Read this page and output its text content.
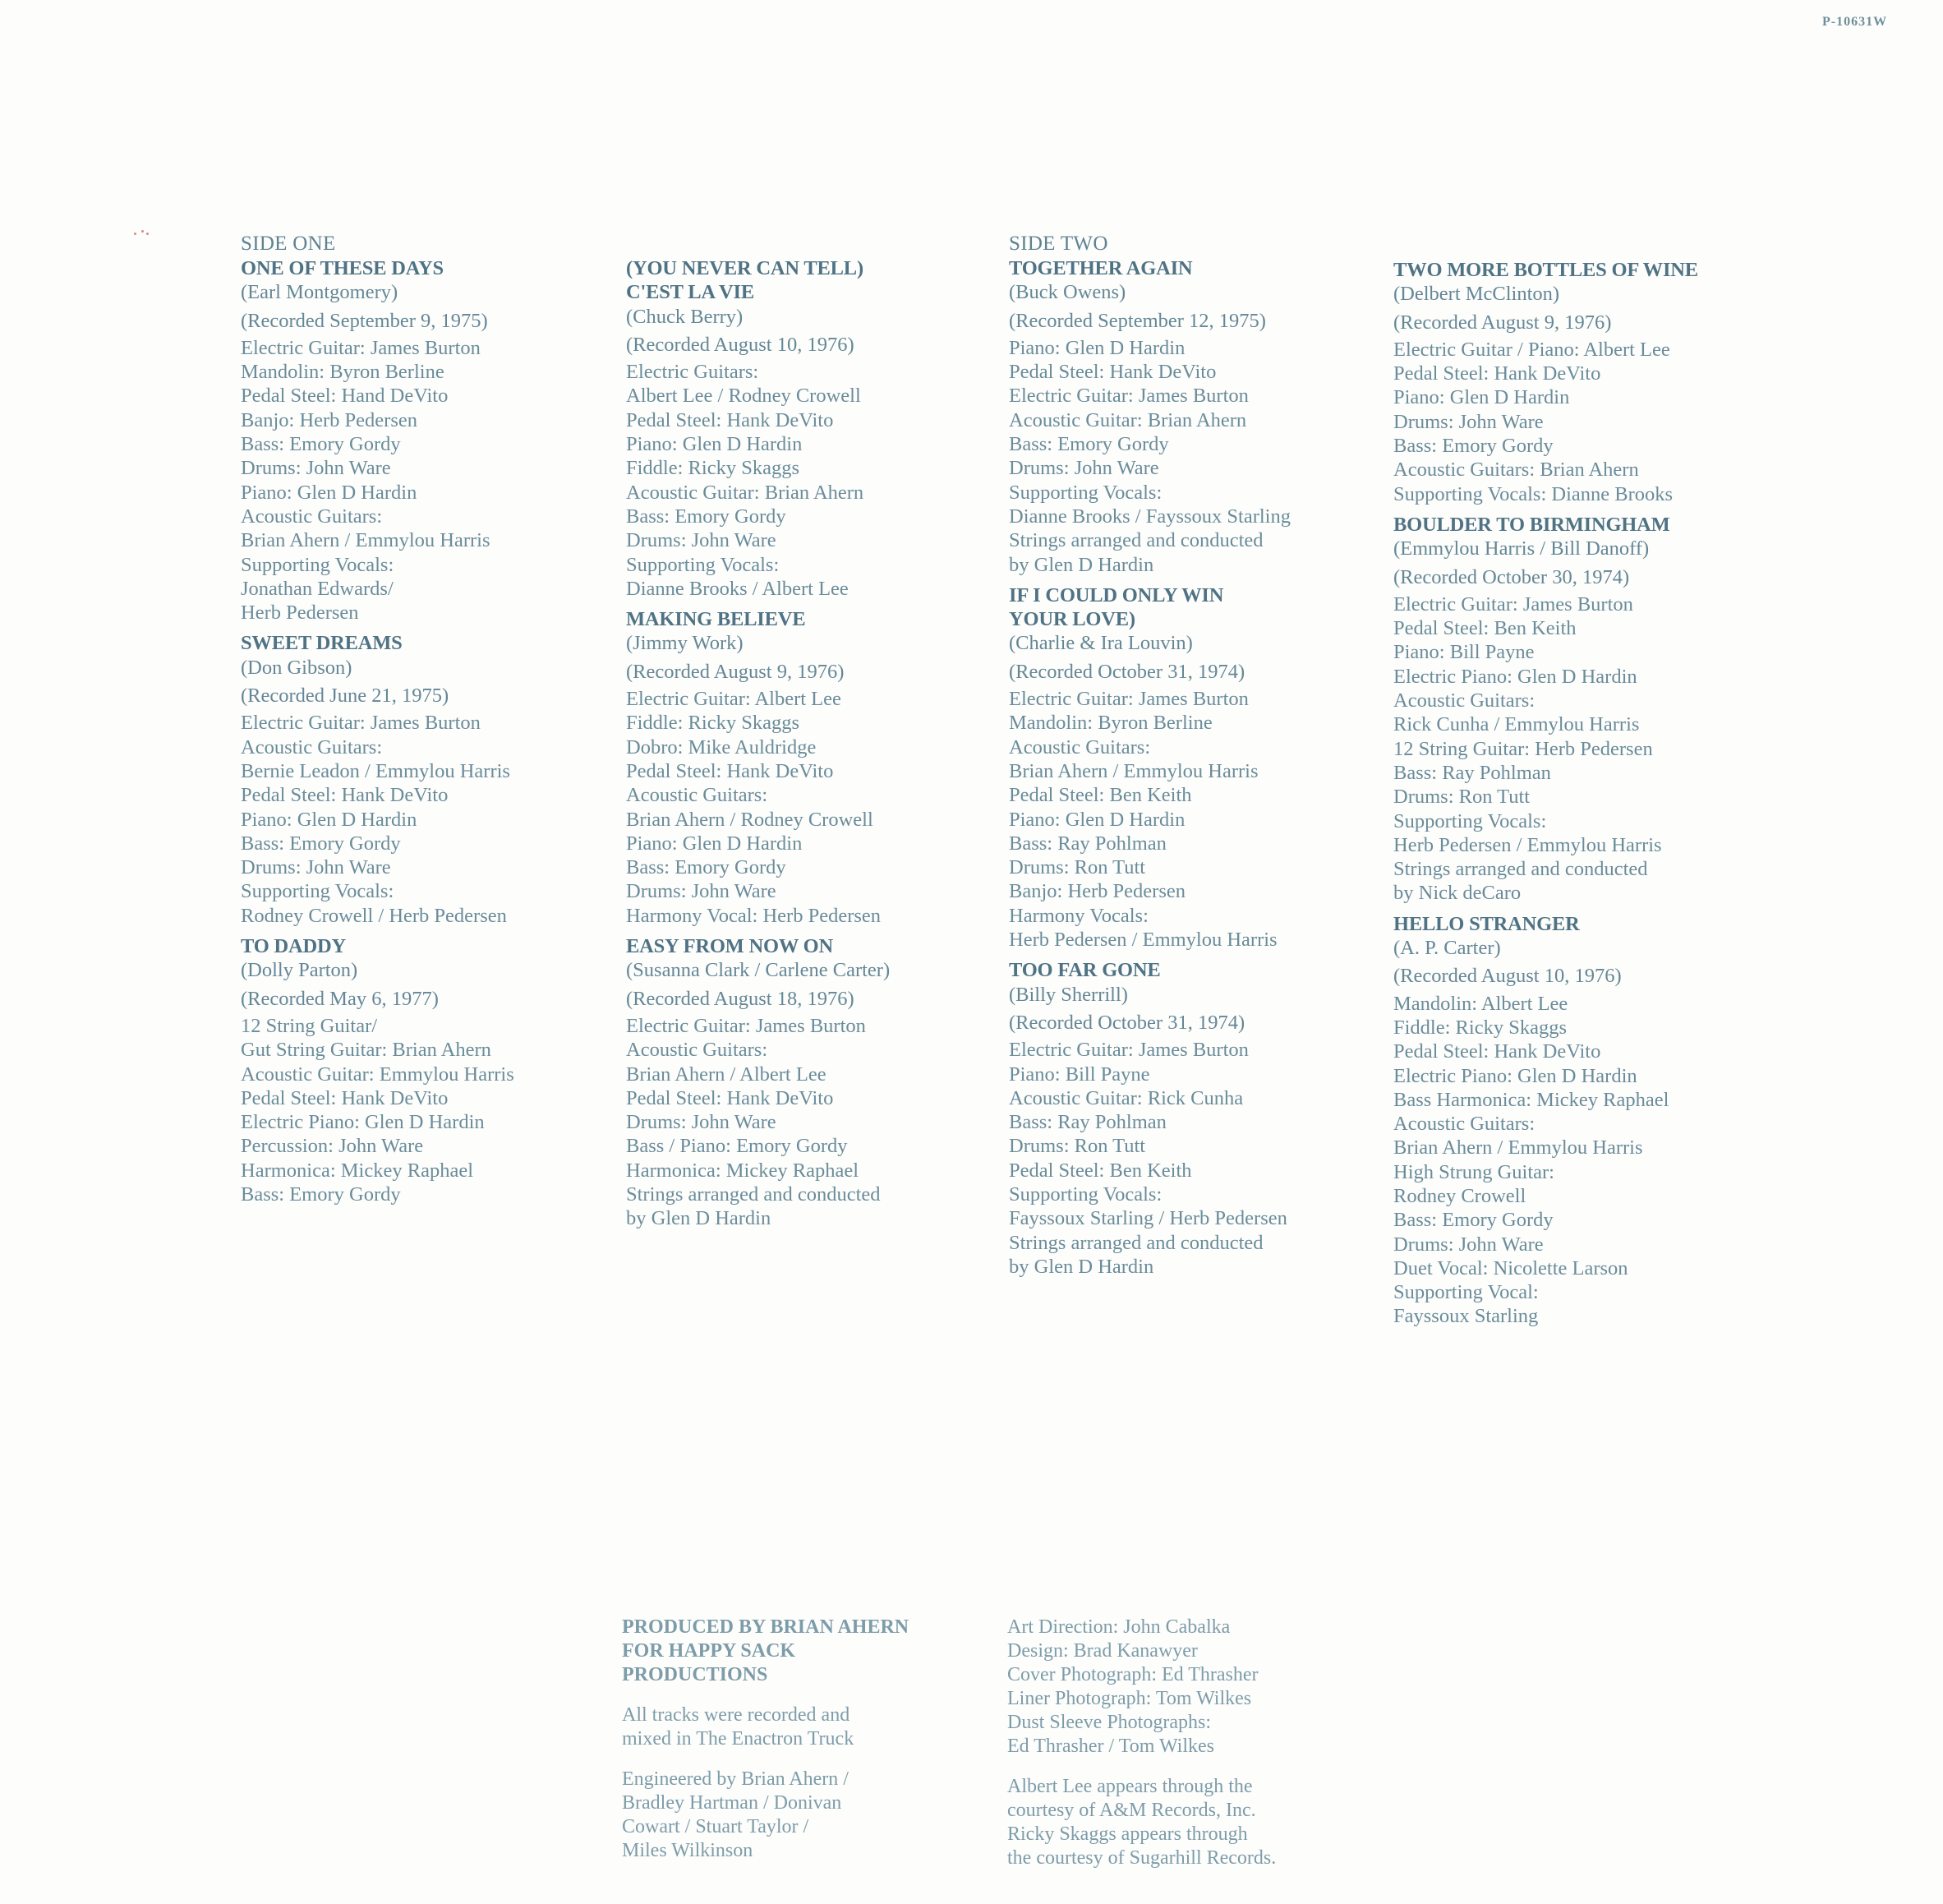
P-10631W
SIDE ONE
ONE OF THESE DAYS
(Earl Montgomery)
(Recorded September 9, 1975)
Electric Guitar: James Burton
Mandolin: Byron Berline
Pedal Steel: Hand DeVito
Banjo: Herb Pedersen
Bass: Emory Gordy
Drums: John Ware
Piano: Glen D Hardin
Acoustic Guitars:
Brian Ahern / Emmylou Harris
Supporting Vocals:
Jonathan Edwards/
Herb Pedersen
SWEET DREAMS
(Don Gibson)
(Recorded June 21, 1975)
Electric Guitar: James Burton
Acoustic Guitars:
Bernie Leadon / Emmylou Harris
Pedal Steel: Hank DeVito
Piano: Glen D Hardin
Bass: Emory Gordy
Drums: John Ware
Supporting Vocals:
Rodney Crowell / Herb Pedersen
TO DADDY
(Dolly Parton)
(Recorded May 6, 1977)
12 String Guitar/
Gut String Guitar: Brian Ahern
Acoustic Guitar: Emmylou Harris
Pedal Steel: Hank DeVito
Electric Piano: Glen D Hardin
Percussion: John Ware
Harmonica: Mickey Raphael
Bass: Emory Gordy
(YOU NEVER CAN TELL)
C'EST LA VIE
(Chuck Berry)
(Recorded August 10, 1976)
Electric Guitars:
Albert Lee / Rodney Crowell
Pedal Steel: Hank DeVito
Piano: Glen D Hardin
Fiddle: Ricky Skaggs
Acoustic Guitar: Brian Ahern
Bass: Emory Gordy
Drums: John Ware
Supporting Vocals:
Dianne Brooks / Albert Lee
MAKING BELIEVE
(Jimmy Work)
(Recorded August 9, 1976)
Electric Guitar: Albert Lee
Fiddle: Ricky Skaggs
Dobro: Mike Auldridge
Pedal Steel: Hank DeVito
Acoustic Guitars:
Brian Ahern / Rodney Crowell
Piano: Glen D Hardin
Bass: Emory Gordy
Drums: John Ware
Harmony Vocal: Herb Pedersen
EASY FROM NOW ON
(Susanna Clark / Carlene Carter)
(Recorded August 18, 1976)
Electric Guitar: James Burton
Acoustic Guitars:
Brian Ahern / Albert Lee
Pedal Steel: Hank DeVito
Drums: John Ware
Bass / Piano: Emory Gordy
Harmonica: Mickey Raphael
Strings arranged and conducted
by Glen D Hardin
SIDE TWO
TOGETHER AGAIN
(Buck Owens)
(Recorded September 12, 1975)
Piano: Glen D Hardin
Pedal Steel: Hank DeVito
Electric Guitar: James Burton
Acoustic Guitar: Brian Ahern
Bass: Emory Gordy
Drums: John Ware
Supporting Vocals:
Dianne Brooks / Fayssoux Starling
Strings arranged and conducted
by Glen D Hardin
IF I COULD ONLY WIN
YOUR LOVE)
(Charlie & Ira Louvin)
(Recorded October 31, 1974)
Electric Guitar: James Burton
Mandolin: Byron Berline
Acoustic Guitars:
Brian Ahern / Emmylou Harris
Pedal Steel: Ben Keith
Piano: Glen D Hardin
Bass: Ray Pohlman
Drums: Ron Tutt
Banjo: Herb Pedersen
Harmony Vocals:
Herb Pedersen / Emmylou Harris
TOO FAR GONE
(Billy Sherrill)
(Recorded October 31, 1974)
Electric Guitar: James Burton
Piano: Bill Payne
Acoustic Guitar: Rick Cunha
Bass: Ray Pohlman
Drums: Ron Tutt
Pedal Steel: Ben Keith
Supporting Vocals:
Fayssoux Starling / Herb Pedersen
Strings arranged and conducted
by Glen D Hardin
TWO MORE BOTTLES OF WINE
(Delbert McClinton)
(Recorded August 9, 1976)
Electric Guitar / Piano: Albert Lee
Pedal Steel: Hank DeVito
Piano: Glen D Hardin
Drums: John Ware
Bass: Emory Gordy
Acoustic Guitars: Brian Ahern
Supporting Vocals: Dianne Brooks
BOULDER TO BIRMINGHAM
(Emmylou Harris / Bill Danoff)
(Recorded October 30, 1974)
Electric Guitar: James Burton
Pedal Steel: Ben Keith
Piano: Bill Payne
Electric Piano: Glen D Hardin
Acoustic Guitars:
Rick Cunha / Emmylou Harris
12 String Guitar: Herb Pedersen
Bass: Ray Pohlman
Drums: Ron Tutt
Supporting Vocals:
Herb Pedersen / Emmylou Harris
Strings arranged and conducted
by Nick deCaro
HELLO STRANGER
(A. P. Carter)
(Recorded August 10, 1976)
Mandolin: Albert Lee
Fiddle: Ricky Skaggs
Pedal Steel: Hank DeVito
Electric Piano: Glen D Hardin
Bass Harmonica: Mickey Raphael
Acoustic Guitars:
Brian Ahern / Emmylou Harris
High Strung Guitar:
Rodney Crowell
Bass: Emory Gordy
Drums: John Ware
Duet Vocal: Nicolette Larson
Supporting Vocal:
Fayssoux Starling
PRODUCED BY BRIAN AHERN
FOR HAPPY SACK
PRODUCTIONS
All tracks were recorded and
mixed in The Enactron Truck
Engineered by Brian Ahern /
Bradley Hartman / Donivan
Cowart / Stuart Taylor /
Miles Wilkinson
Art Direction: John Cabalka
Design: Brad Kanawyer
Cover Photograph: Ed Thrasher
Liner Photograph: Tom Wilkes
Dust Sleeve Photographs:
Ed Thrasher / Tom Wilkes
Albert Lee appears through the
courtesy of A&M Records, Inc.
Ricky Skaggs appears through
the courtesy of Sugarhill Records.
